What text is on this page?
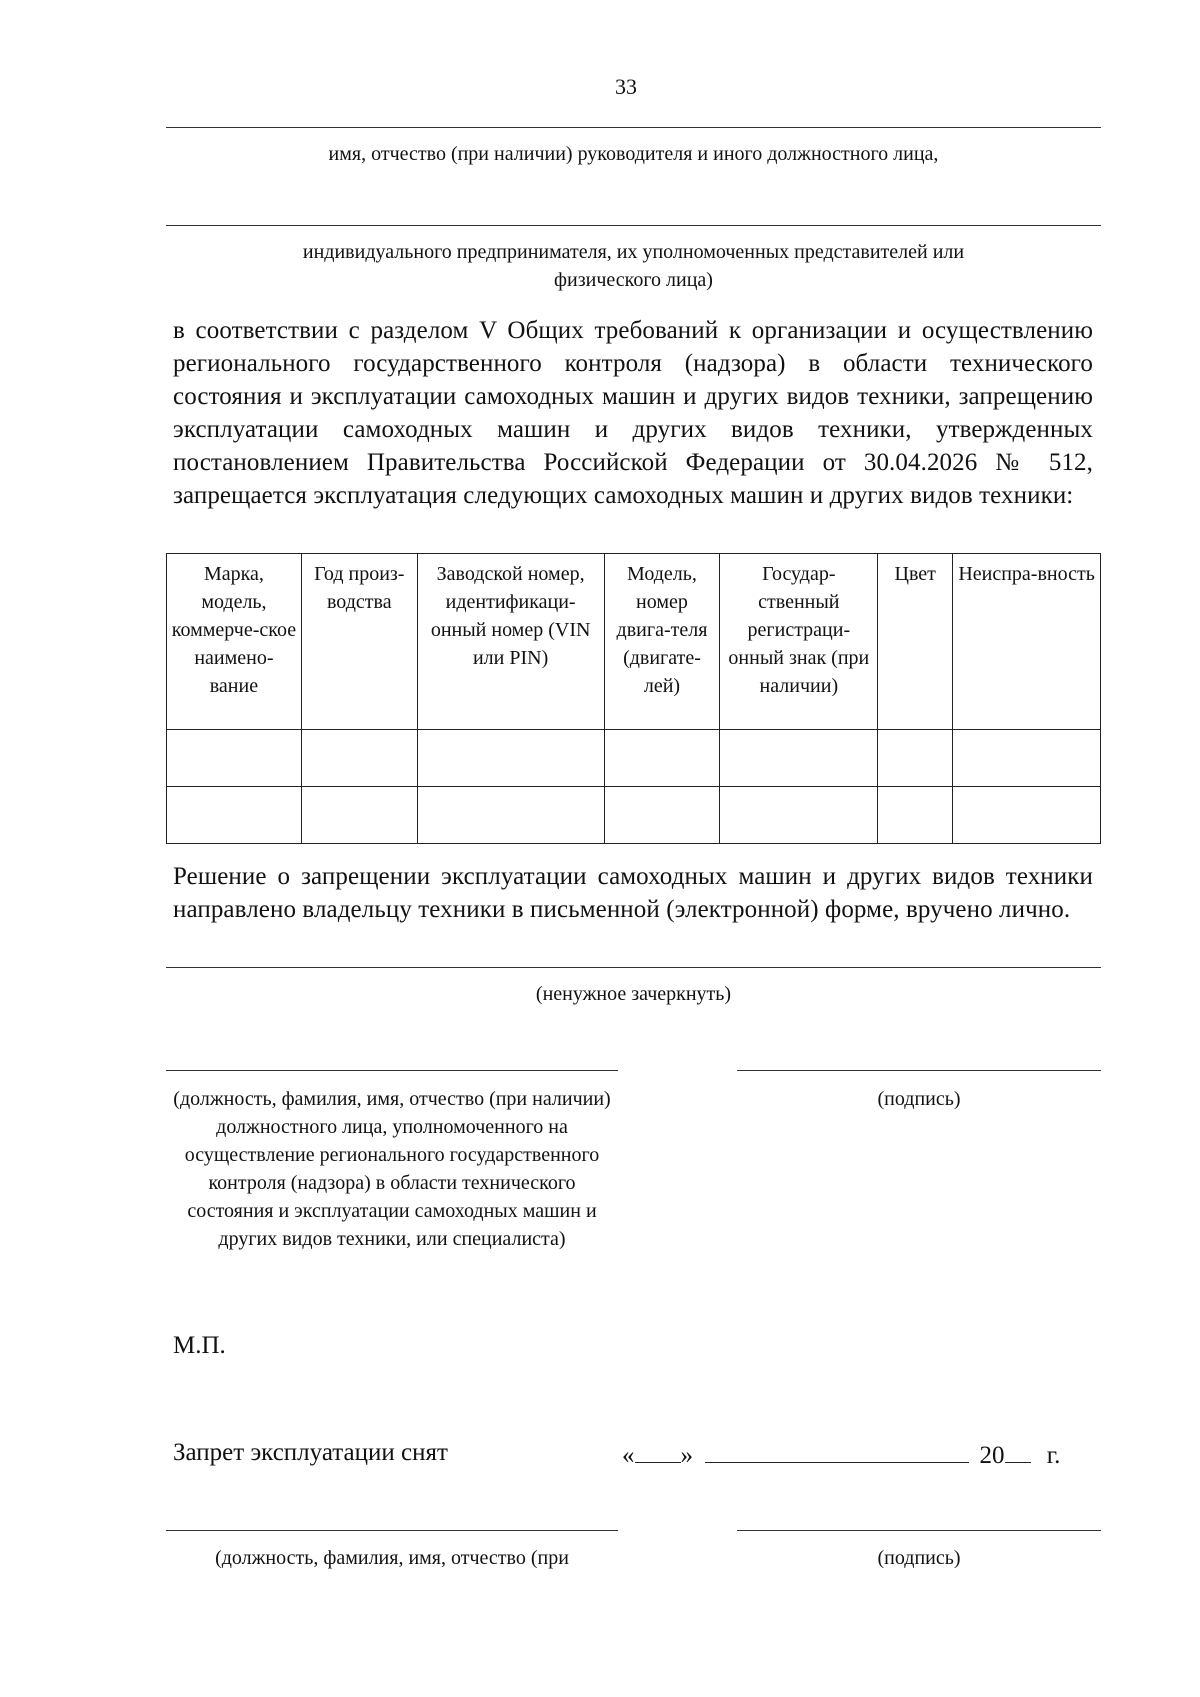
33
имя, отчество (при наличии) руководителя и иного должностного лица,
индивидуального предпринимателя, их уполномоченных представителей или
физического лица)
в соответствии с разделом V Общих требований к организации и осуществлению регионального государственного контроля (надзора) в области технического состояния и эксплуатации самоходных машин и других видов техники, запрещению эксплуатации самоходных машин и других видов техники, утвержденных постановлением Правительства Российской Федерации от 30.04.2026 № 512, запрещается эксплуатация следующих самоходных машин и других видов техники:
Марка, модель, коммерче-ское наимено-вание	Год произ-водства	Заводской номер, идентификаци-онный номер (VIN или PIN)	Модель, номер двига-теля (двигате-лей)	Государ-ственный регистраци-онный знак (при наличии)	Цвет	Неиспра-вность

Решение о запрещении эксплуатации самоходных машин и других видов техники направлено владельцу техники в письменной (электронной) форме, вручено лично.
(ненужное зачеркнуть)
(должность, фамилия, имя, отчество (при наличии) должностного лица, уполномоченного на осуществление регионального государственного контроля (надзора) в области технического состояния и эксплуатации самоходных машин и других видов техники, или специалиста)
(подпись)
М.П.
Запрет эксплуатации снят	« »	20 г.
(должность, фамилия, имя, отчество (при	(подпись)
